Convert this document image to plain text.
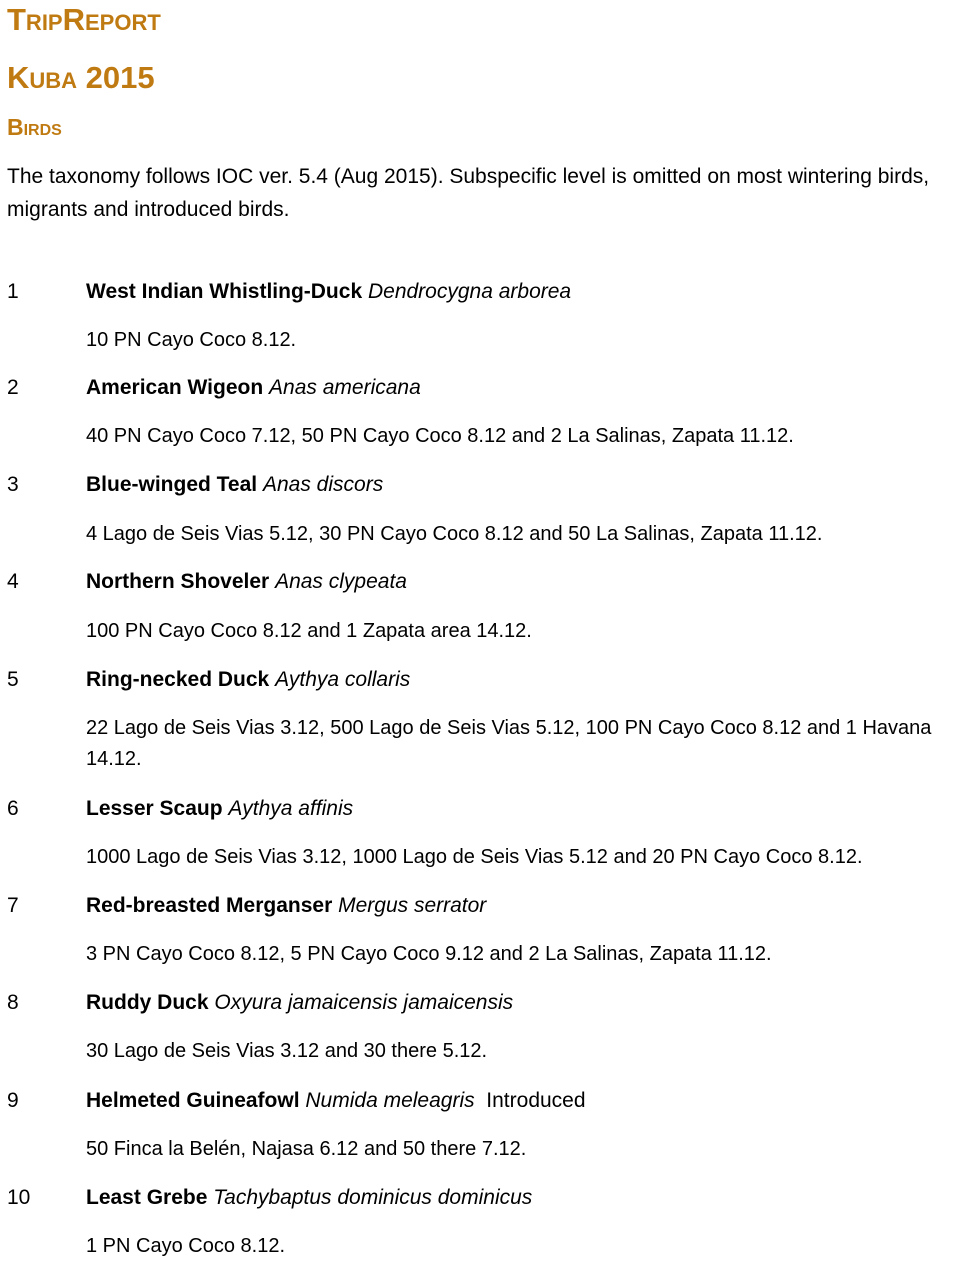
TripReport
Kuba 2015
Birds

The taxonomy follows IOC ver. 5.4 (Aug 2015). Subspecific level is omitted on most wintering birds, migrants and introduced birds.

1	West Indian Whistling-Duck Dendrocygna arborea
10 PN Cayo Coco 8.12.
2	American Wigeon Anas americana
40 PN Cayo Coco 7.12, 50 PN Cayo Coco 8.12 and 2 La Salinas, Zapata 11.12.
3	Blue-winged Teal Anas discors
4 Lago de Seis Vias 5.12, 30 PN Cayo Coco 8.12 and 50 La Salinas, Zapata 11.12.
4	Northern Shoveler Anas clypeata
100 PN Cayo Coco 8.12 and 1 Zapata area 14.12.
5	Ring-necked Duck Aythya collaris
22 Lago de Seis Vias 3.12, 500 Lago de Seis Vias 5.12, 100 PN Cayo Coco 8.12 and 1 Havana
14.12.
6	Lesser Scaup Aythya affinis
1000 Lago de Seis Vias 3.12, 1000 Lago de Seis Vias 5.12 and 20 PN Cayo Coco 8.12.
7	Red-breasted Merganser Mergus serrator
3 PN Cayo Coco 8.12, 5 PN Cayo Coco 9.12 and 2 La Salinas, Zapata 11.12.
8	Ruddy Duck Oxyura jamaicensis jamaicensis
30 Lago de Seis Vias 3.12 and 30 there 5.12.
9	Helmeted Guineafowl Numida meleagris Introduced
50 Finca la Belén, Najasa 6.12 and 50 there 7.12.
10	Least Grebe Tachybaptus dominicus dominicus
1 PN Cayo Coco 8.12.
